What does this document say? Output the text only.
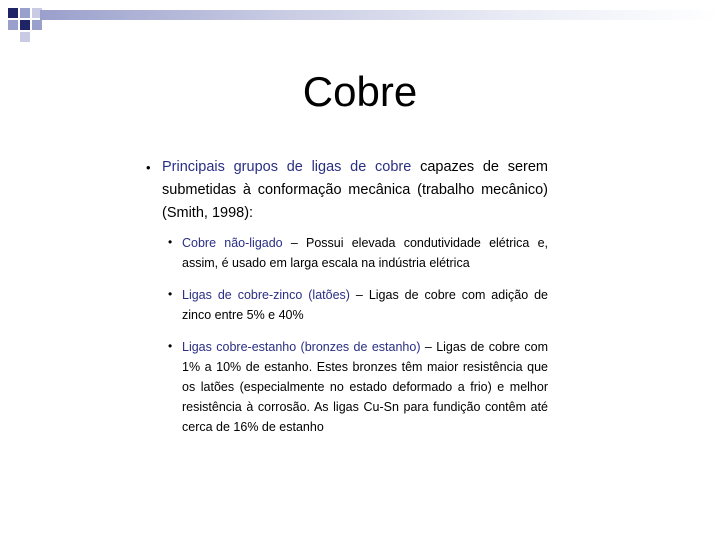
Cobre
• Principais grupos de ligas de cobre capazes de serem submetidas à conformação mecânica (trabalho mecânico) (Smith, 1998):
• Cobre não-ligado – Possui elevada condutividade elétrica e, assim, é usado em larga escala na indústria elétrica
• Ligas de cobre-zinco (latões) – Ligas de cobre com adição de zinco entre 5% e 40%
• Ligas cobre-estanho (bronzes de estanho) – Ligas de cobre com 1% a 10% de estanho. Estes bronzes têm maior resistência que os latões (especialmente no estado deformado a frio) e melhor resistência à corrosão. As ligas Cu-Sn para fundição contêm até cerca de 16% de estanho
